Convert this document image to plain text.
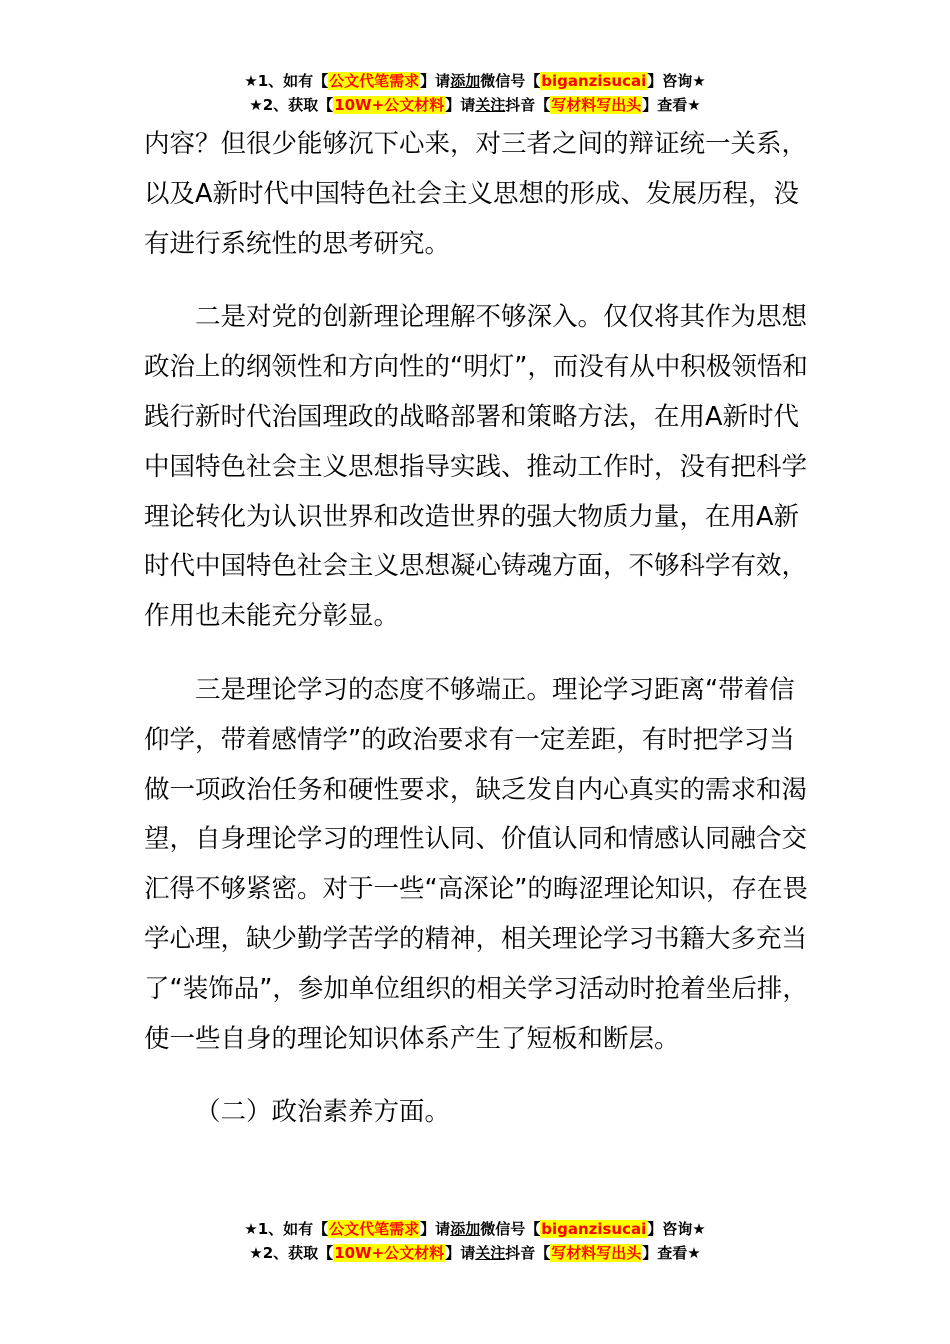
★1、如有【公文代笔需求】请添加微信号【biganzisucai】咨询★
★2、获取【10W+公文材料】请关注抖音【写材料写出头】查看★

内容？但很少能够沉下心来，对三者之间的辩证统一关系，以及A新时代中国特色社会主义思想的形成、发展历程，没有进行系统性的思考研究。

二是对党的创新理论理解不够深入。仅仅将其作为思想政治上的纲领性和方向性的“明灯”，而没有从中积极领悟和践行新时代治国理政的战略部署和策略方法，在用A新时代中国特色社会主义思想指导实践、推动工作时，没有把科学理论转化为认识世界和改造世界的强大物质力量，在用A新时代中国特色社会主义思想凝心铸魂方面，不够科学有效，作用也未能充分彰显。

三是理论学习的态度不够端正。理论学习距离“带着信仰学，带着感情学”的政治要求有一定差距，有时把学习当做一项政治任务和硬性要求，缺乏发自内心真实的需求和渴望，自身理论学习的理性认同、价值认同和情感认同融合交汇得不够紧密。对于一些“高深论”的晦涩理论知识，存在畏学心理，缺少勤学苦学的精神，相关理论学习书籍大多充当了“装饰品”，参加单位组织的相关学习活动时抢着坐后排，使一些自身的理论知识体系产生了短板和断层。

（二）政治素养方面。

★1、如有【公文代笔需求】请添加微信号【biganzisucai】咨询★
★2、获取【10W+公文材料】请关注抖音【写材料写出头】查看★
